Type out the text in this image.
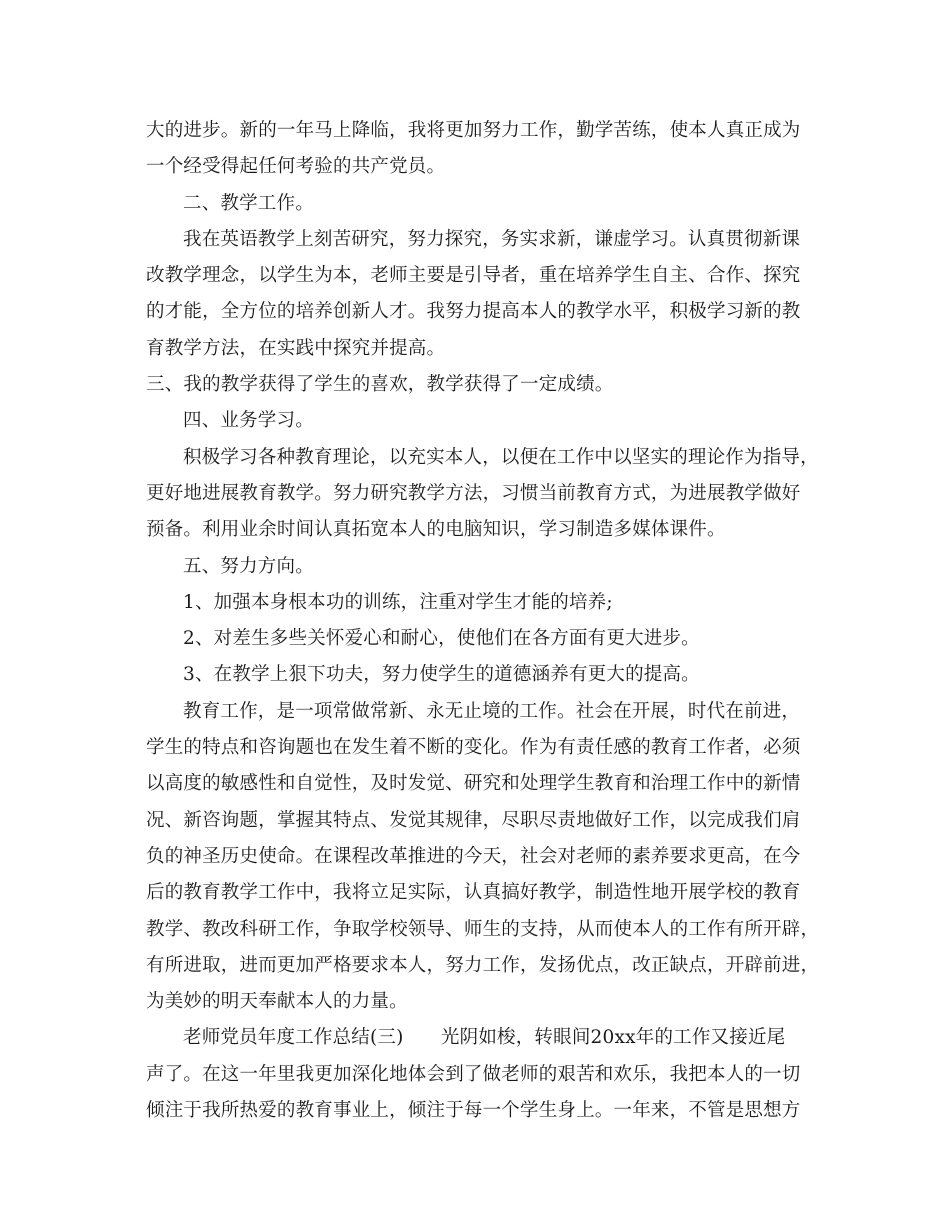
大的进步。新的一年马上降临，我将更加努力工作，勤学苦练，使本人真正成为
一个经受得起任何考验的共产党员。
二、教学工作。
我在英语教学上刻苦研究，努力探究，务实求新，谦虚学习。认真贯彻新课
改教学理念，以学生为本，老师主要是引导者，重在培养学生自主、合作、探究
的才能，全方位的培养创新人才。我努力提高本人的教学水平，积极学习新的教
育教学方法，在实践中探究并提高。
三、我的教学获得了学生的喜欢，教学获得了一定成绩。
四、业务学习。
积极学习各种教育理论，以充实本人，以便在工作中以坚实的理论作为指导，
更好地进展教育教学。努力研究教学方法，习惯当前教育方式，为进展教学做好
预备。利用业余时间认真拓宽本人的电脑知识，学习制造多媒体课件。
五、努力方向。
1、加强本身根本功的训练，注重对学生才能的培养;
2、对差生多些关怀爱心和耐心，使他们在各方面有更大进步。
3、在教学上狠下功夫，努力使学生的道德涵养有更大的提高。
教育工作，是一项常做常新、永无止境的工作。社会在开展，时代在前进，
学生的特点和咨询题也在发生着不断的变化。作为有责任感的教育工作者，必须
以高度的敏感性和自觉性，及时发觉、研究和处理学生教育和治理工作中的新情
况、新咨询题，掌握其特点、发觉其规律，尽职尽责地做好工作，以完成我们肩
负的神圣历史使命。在课程改革推进的今天，社会对老师的素养要求更高，在今
后的教育教学工作中，我将立足实际，认真搞好教学，制造性地开展学校的教育
教学、教改科研工作，争取学校领导、师生的支持，从而使本人的工作有所开辟，
有所进取，进而更加严格要求本人，努力工作，发扬优点，改正缺点，开辟前进，
为美妙的明天奉献本人的力量。
老师党员年度工作总结(三)　　光阴如梭，转眼间20xx年的工作又接近尾
声了。在这一年里我更加深化地体会到了做老师的艰苦和欢乐，我把本人的一切
倾注于我所热爱的教育事业上，倾注于每一个学生身上。一年来，不管是思想方
